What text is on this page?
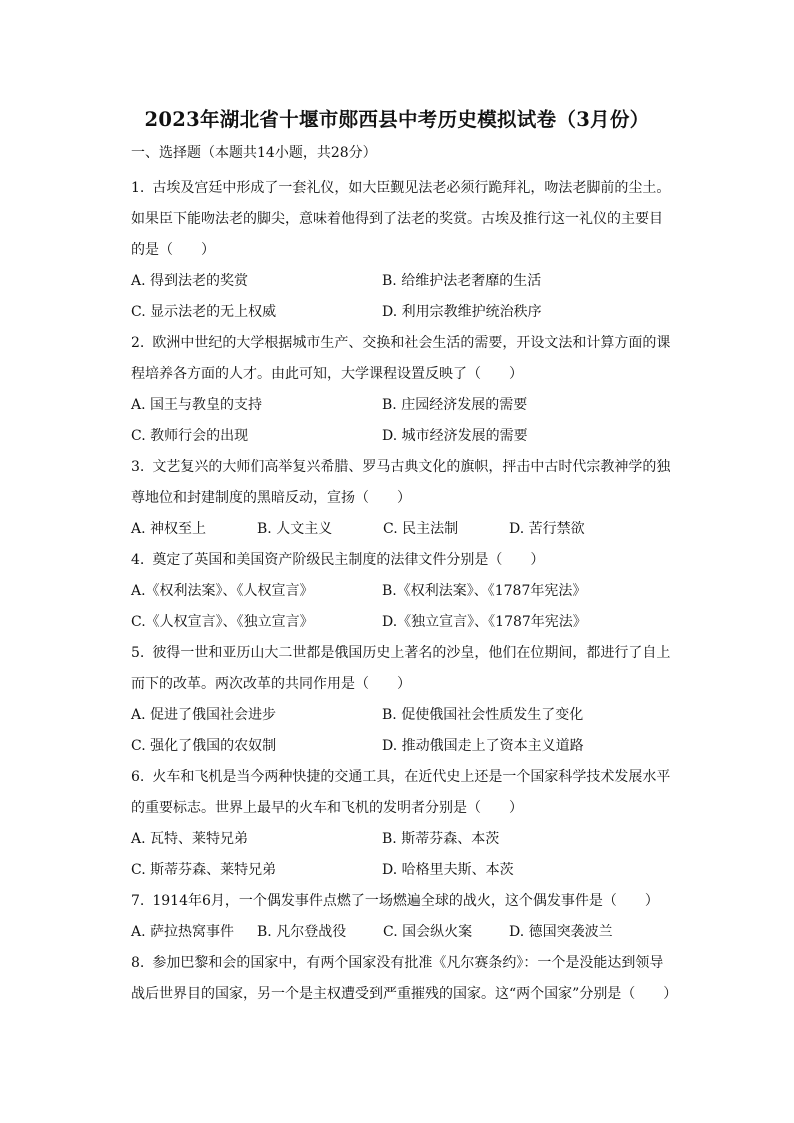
2023年湖北省十堰市郧西县中考历史模拟试卷（3月份）
一、选择题（本题共14小题，共28分）

1. 古埃及宫廷中形成了一套礼仪，如大臣觐见法老必须行跪拜礼，吻法老脚前的尘土。如果臣下能吻法老的脚尖，意味着他得到了法老的奖赏。古埃及推行这一礼仪的主要目的是（　　）

A. 得到法老的奖赏	B. 给维护法老奢靡的生活
C. 显示法老的无上权威	D. 利用宗教维护统治秩序

2. 欧洲中世纪的大学根据城市生产、交换和社会生活的需要，开设文法和计算方面的课程培养各方面的人才。由此可知，大学课程设置反映了（　　）

A. 国王与教皇的支持	B. 庄园经济发展的需要
C. 教师行会的出现	D. 城市经济发展的需要

3. 文艺复兴的大师们高举复兴希腊、罗马古典文化的旗帜，抨击中古时代宗教神学的独尊地位和封建制度的黑暗反动，宣扬（　　）

A. 神权至上	B. 人文主义	C. 民主法制	D. 苦行禁欲

4. 奠定了英国和美国资产阶级民主制度的法律文件分别是（　　）

A.《权利法案》、《人权宣言》	B.《权利法案》、《1787年宪法》
C.《人权宣言》、《独立宣言》	D.《独立宣言》、《1787年宪法》

5. 彼得一世和亚历山大二世都是俄国历史上著名的沙皇，他们在位期间，都进行了自上而下的改革。两次改革的共同作用是（　　）

A. 促进了俄国社会进步	B. 促使俄国社会性质发生了变化
C. 强化了俄国的农奴制	D. 推动俄国走上了资本主义道路

6. 火车和飞机是当今两种快捷的交通工具，在近代史上还是一个国家科学技术发展水平的重要标志。世界上最早的火车和飞机的发明者分别是（　　）

A. 瓦特、莱特兄弟	B. 斯蒂芬森、本茨
C. 斯蒂芬森、莱特兄弟	D. 哈格里夫斯、本茨

7. 1914年6月，一个偶发事件点燃了一场燃遍全球的战火，这个偶发事件是（　　）

A. 萨拉热窝事件	B. 凡尔登战役	C. 国会纵火案	D. 德国突袭波兰

8. 参加巴黎和会的国家中，有两个国家没有批准《凡尔赛条约》：一个是没能达到领导战后世界目的国家，另一个是主权遭受到严重摧残的国家。这“两个国家”分别是（　　）
